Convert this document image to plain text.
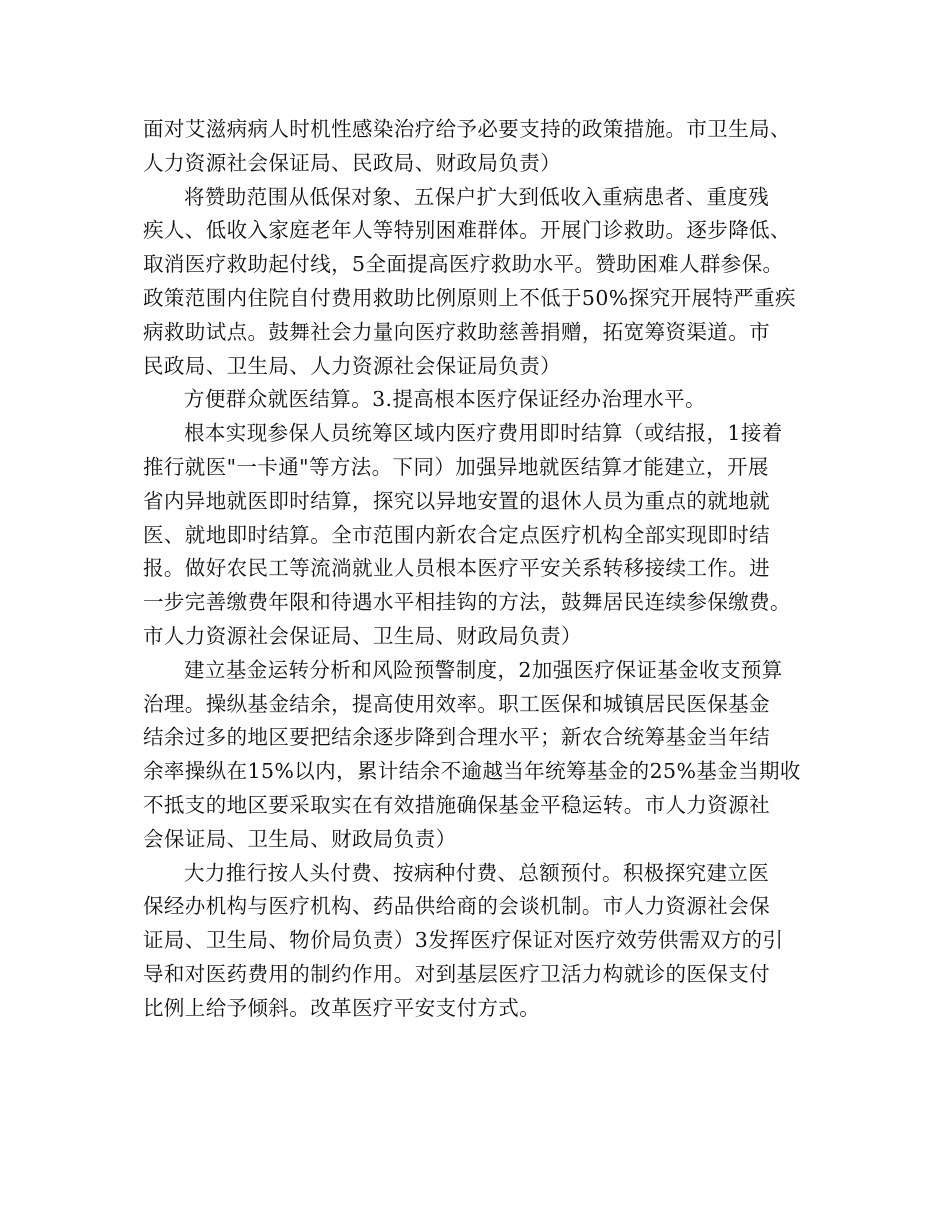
面对艾滋病病人时机性感染治疗给予必要支持的政策措施。市卫生局、
人力资源社会保证局、民政局、财政局负责）
将赞助范围从低保对象、五保户扩大到低收入重病患者、重度残
疾人、低收入家庭老年人等特别困难群体。开展门诊救助。逐步降低、
取消医疗救助起付线，5全面提高医疗救助水平。赞助困难人群参保。
政策范围内住院自付费用救助比例原则上不低于50%探究开展特严重疾
病救助试点。鼓舞社会力量向医疗救助慈善捐赠，拓宽筹资渠道。市
民政局、卫生局、人力资源社会保证局负责）
方便群众就医结算。3.提高根本医疗保证经办治理水平。
根本实现参保人员统筹区域内医疗费用即时结算（或结报，1接着
推行就医"一卡通"等方法。下同）加强异地就医结算才能建立，开展
省内异地就医即时结算，探究以异地安置的退休人员为重点的就地就
医、就地即时结算。全市范围内新农合定点医疗机构全部实现即时结
报。做好农民工等流淌就业人员根本医疗平安关系转移接续工作。进
一步完善缴费年限和待遇水平相挂钩的方法，鼓舞居民连续参保缴费。
市人力资源社会保证局、卫生局、财政局负责）
建立基金运转分析和风险预警制度，2加强医疗保证基金收支预算
治理。操纵基金结余，提高使用效率。职工医保和城镇居民医保基金
结余过多的地区要把结余逐步降到合理水平；新农合统筹基金当年结
余率操纵在15%以内，累计结余不逾越当年统筹基金的25%基金当期收
不抵支的地区要采取实在有效措施确保基金平稳运转。市人力资源社
会保证局、卫生局、财政局负责）
大力推行按人头付费、按病种付费、总额预付。积极探究建立医
保经办机构与医疗机构、药品供给商的会谈机制。市人力资源社会保
证局、卫生局、物价局负责）3发挥医疗保证对医疗效劳供需双方的引
导和对医药费用的制约作用。对到基层医疗卫活力构就诊的医保支付
比例上给予倾斜。改革医疗平安支付方式。
